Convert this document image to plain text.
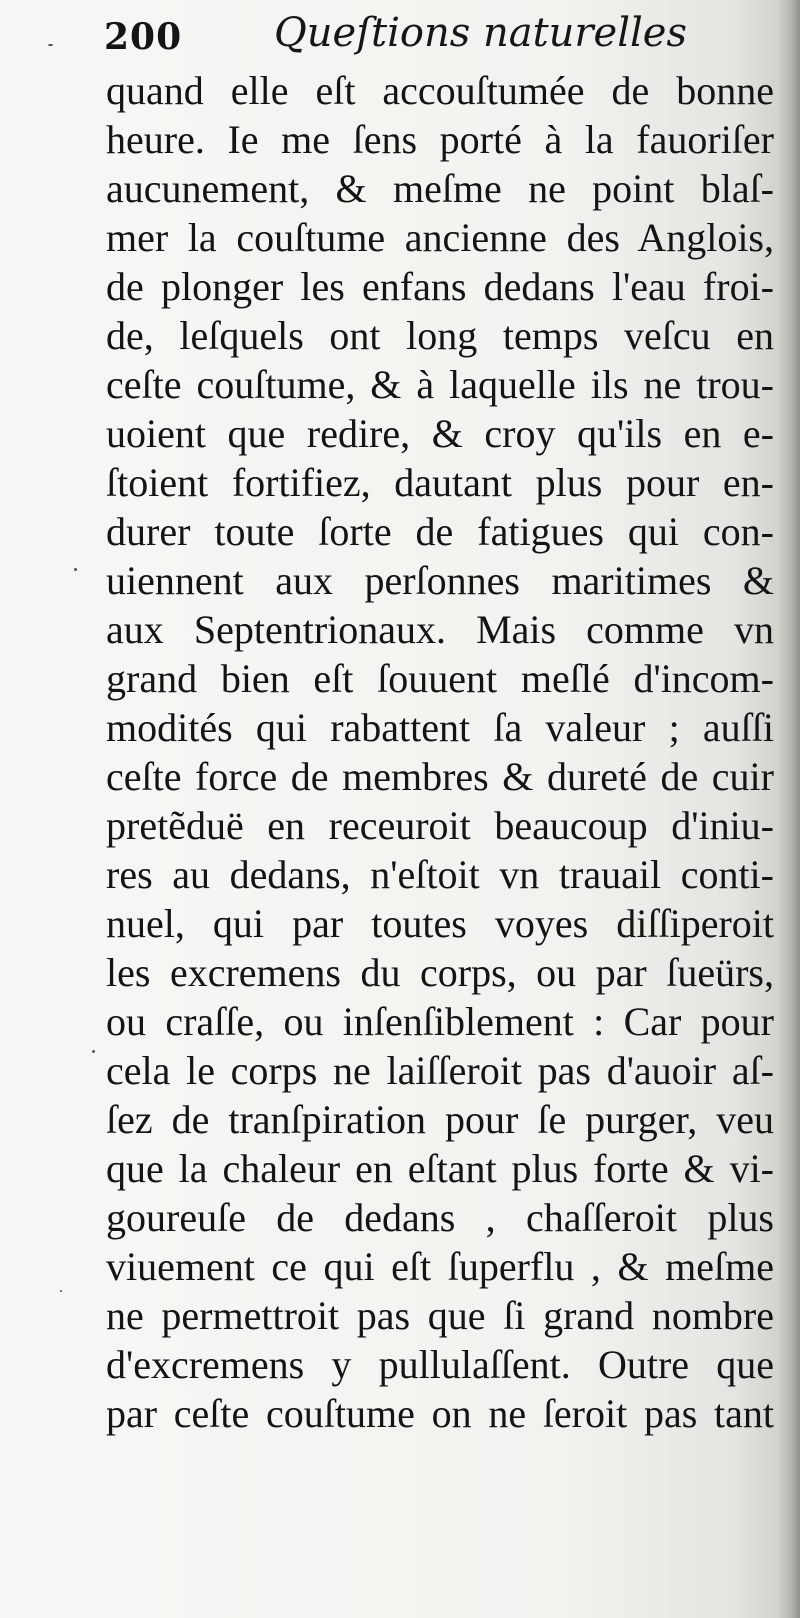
200 Queſtions naturelles
quand elle eſt accouſtumée de bonne
heure. Ie me ſens porté à la fauoriſer
aucunement, & meſme ne point blaſ-
mer la couſtume ancienne des Anglois,
de plonger les enfans dedans l'eau froi-
de, leſquels ont long temps veſcu en
ceſte couſtume, & à laquelle ils ne trou-
uoient que redire, & croy qu'ils en e-
ſtoient fortifiez, dautant plus pour en-
durer toute ſorte de fatigues qui con-
uiennent aux perſonnes maritimes &
aux Septentrionaux. Mais comme vn
grand bien eſt ſouuent meſlé d'incom-
modités qui rabattent ſa valeur ; auſſi
ceſte force de membres & dureté de cuir
pretẽduë en receuroit beaucoup d'iniu-
res au dedans, n'eſtoit vn trauail conti-
nuel, qui par toutes voyes diſſiperoit
les excremens du corps, ou par ſueürs,
ou craſſe, ou inſenſiblement : Car pour
cela le corps ne laiſſeroit pas d'auoir aſ-
ſez de tranſpiration pour ſe purger, veu
que la chaleur en eſtant plus forte & vi-
goureuſe de dedans , chaſſeroit plus
viuement ce qui eſt ſuperflu , & meſme
ne permettroit pas que ſi grand nombre
d'excremens y pullulaſſent. Outre que
par ceſte couſtume on ne ſeroit pas tant
